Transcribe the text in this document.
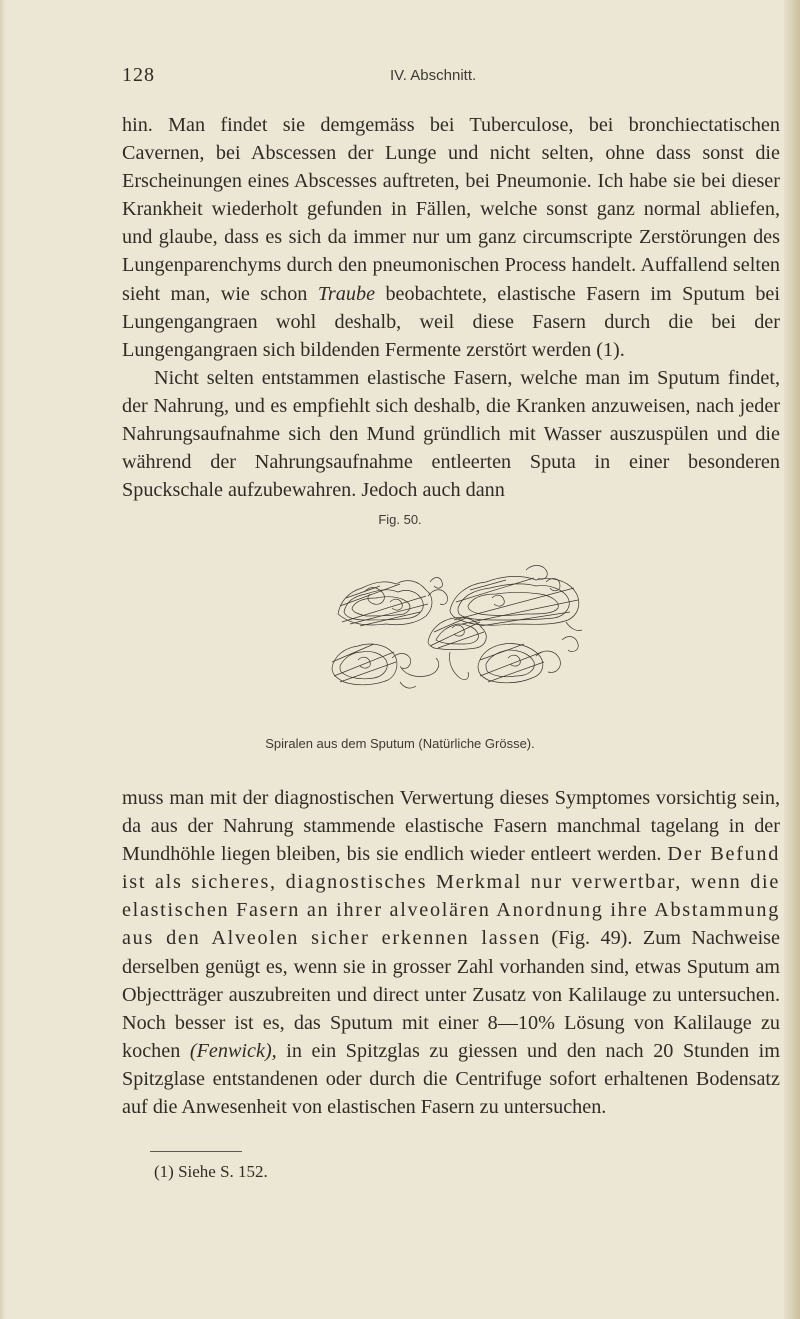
128	IV. Abschnitt.

hin. Man findet sie demgemäss bei Tuberculose, bei bronchiectatischen Cavernen, bei Abscessen der Lunge und nicht selten, ohne dass sonst die Erscheinungen eines Abscesses auftreten, bei Pneumonie. Ich habe sie bei dieser Krankheit wiederholt gefunden in Fällen, welche sonst ganz normal abliefen, und glaube, dass es sich da immer nur um ganz circumscripte Zerstörungen des Lungenparenchyms durch den pneumonischen Process handelt. Auffallend selten sieht man, wie schon Traube beobachtete, elastische Fasern im Sputum bei Lungengangraen wohl deshalb, weil diese Fasern durch die bei der Lungengangraen sich bildenden Fermente zerstört werden (1).

Nicht selten entstammen elastische Fasern, welche man im Sputum findet, der Nahrung, und es empfiehlt sich deshalb, die Kranken anzuweisen, nach jeder Nahrungsaufnahme sich den Mund gründlich mit Wasser auszuspülen und die während der Nahrungsaufnahme entleerten Sputa in einer besonderen Spuckschale aufzubewahren. Jedoch auch dann

Fig. 50.
Spiralen aus dem Sputum (Natürliche Grösse).

muss man mit der diagnostischen Verwertung dieses Symptomes vorsichtig sein, da aus der Nahrung stammende elastische Fasern manchmal tagelang in der Mundhöhle liegen bleiben, bis sie endlich wieder entleert werden. Der Befund ist als sicheres, diagnostisches Merkmal nur verwertbar, wenn die elastischen Fasern an ihrer alveolären Anordnung ihre Abstammung aus den Alveolen sicher erkennen lassen (Fig. 49). Zum Nachweise derselben genügt es, wenn sie in grosser Zahl vorhanden sind, etwas Sputum am Objectträger auszubreiten und direct unter Zusatz von Kalilauge zu untersuchen. Noch besser ist es, das Sputum mit einer 8—10% Lösung von Kalilauge zu kochen (Fenwick), in ein Spitzglas zu giessen und den nach 20 Stunden im Spitzglase entstandenen oder durch die Centrifuge sofort erhaltenen Bodensatz auf die Anwesenheit von elastischen Fasern zu untersuchen.

(1) Siehe S. 152.
